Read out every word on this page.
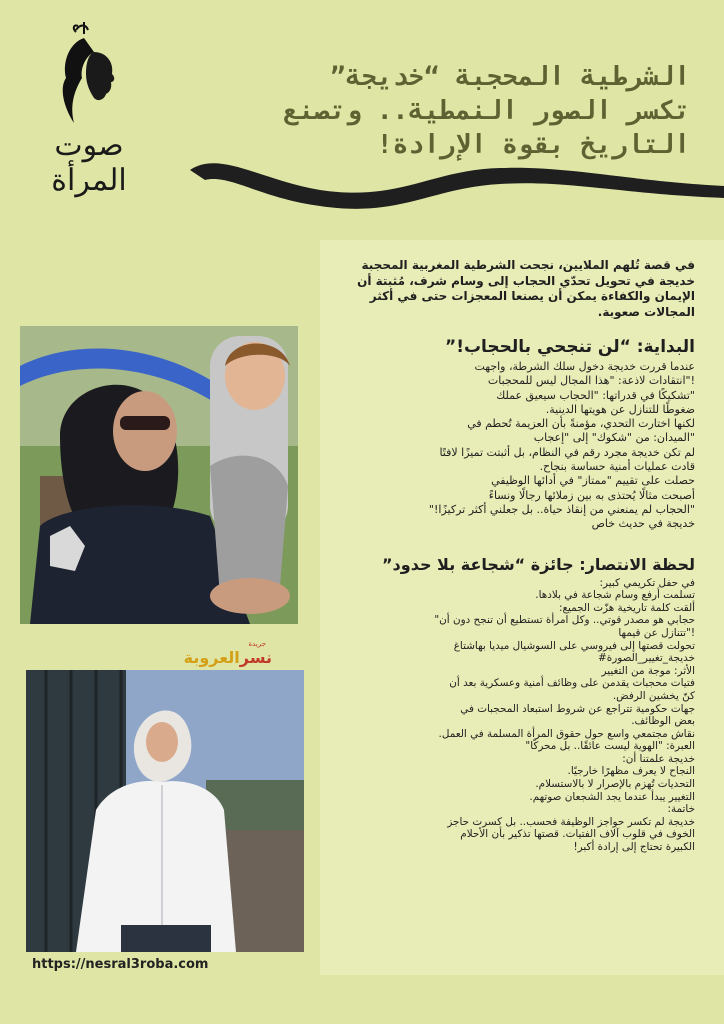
صوت المرأة
الشرطية المحجبة “خديجة”
تكسر الصور النمطية.. وتصنع
التاريخ بقوة الإرادة!

في قصة تُلهم الملايين، نجحت الشرطية المغربية المحجبة خديجة في تحويل تحدّي الحجاب إلى وسام شرف، مُثبتة أن الإيمان والكفاءة يمكن أن يصنعا المعجزات حتى في أكثر المجالات صعوبة.

البداية: “لن تنجحي بالحجاب!”

عندما قررت خديجة دخول سلك الشرطة، واجهت
!"انتقادات لاذعة: "هذا المجال ليس للمحجبات
"تشكيكًا في قدراتها: "الحجاب سيعيق عملك
ضغوطًا للتنازل عن هويتها الدينية.
لكنها اختارت التحدي، مؤمنةً بأن العزيمة تُحطم في
"الميدان: من "شكوك" إلى "إعجاب
لم تكن خديجة مجرد رقم في النظام، بل أثبتت تميزًا لافتًا
قادت عمليات أمنية حساسة بنجاح.
حصلت على تقييم "ممتاز" في أدائها الوظيفي
أصبحت مثالًا يُحتذى به بين زملائها رجالًا ونساءً
"الحجاب لم يمنعني من إنقاذ حياة.. بل جعلني أكثر تركيزًا!"
خديجة في حديث خاص

لحظة الانتصار: جائزة “شجاعة بلا حدود”

في حفل تكريمي كبير:
تسلمت أرفع وسام شجاعة في بلادها.
ألقت كلمة تاريخية هزّت الجميع:
حجابي هو مصدر قوتي.. وكل امرأة تستطيع أن تنجح دون أن"
!"تتنازل عن قيمها
تحولت قصتها إلى فيروسي على السوشيال ميديا بهاشتاغ
خديجة_تغيير_الصورة#
الأثر: موجة من التغيير
فتيات محجبات يقدمن على وظائف أمنية وعسكرية بعد أن
كنّ يخشين الرفض.
جهات حكومية تتراجع عن شروط استبعاد المحجبات في
بعض الوظائف.
نقاش مجتمعي واسع حول حقوق المرأة المسلمة في العمل.
العبرة: "الهوية ليست عائقًا.. بل محركًا"
خديجة علمتنا أن:
النجاح لا يعرف مظهرًا خارجيًا.
التحديات تُهزم بالإصرار لا بالاستسلام.
التغيير يبدأ عندما يجد الشجعان صوتهم.
خاتمة:
خديجة لم تكسر حواجز الوظيفة فحسب.. بل كسرت حاجز
الخوف في قلوب آلاف الفتيات. قصتها تذكير بأن الأحلام
الكبيرة تحتاج إلى إرادة أكبر!

جريدة
نسرالعروبة
https://nesral3roba.com
